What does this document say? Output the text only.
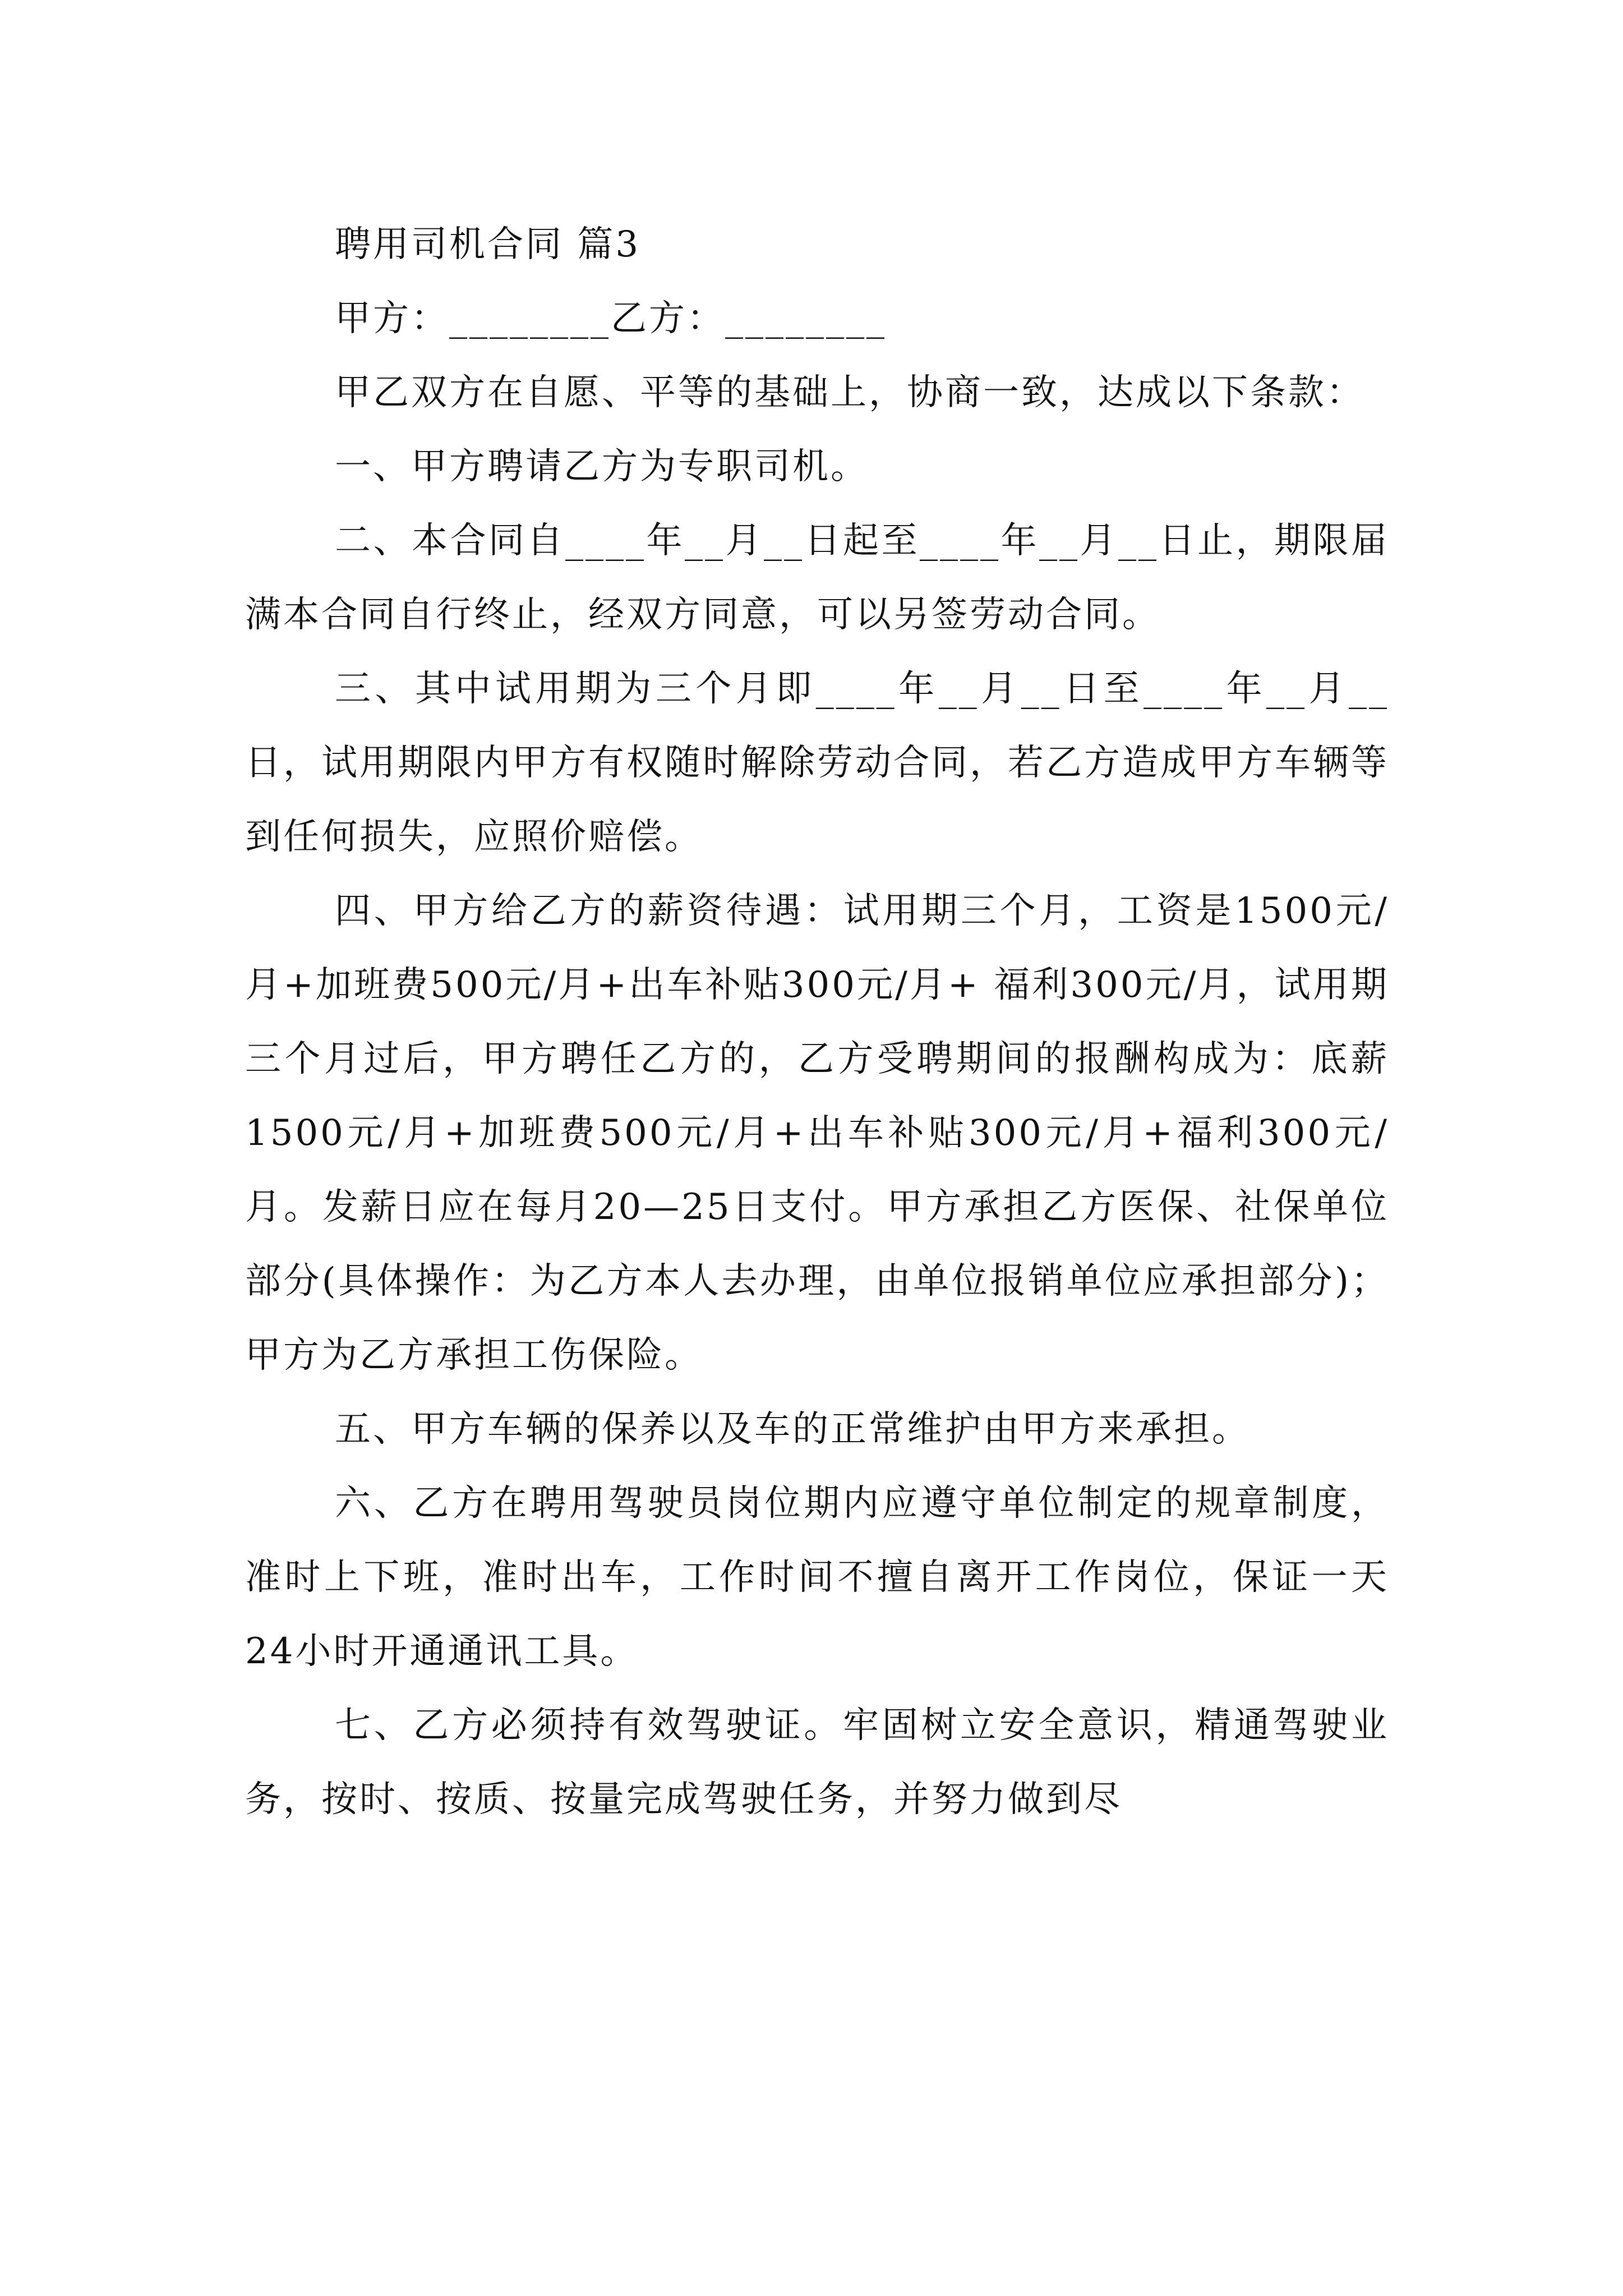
聘用司机合同 篇3

甲方：________乙方：________

甲乙双方在自愿、平等的基础上，协商一致，达成以下条款：

一、甲方聘请乙方为专职司机。

二、本合同自____年__月__日起至____年__月__日止，期限届满本合同自行终止，经双方同意，可以另签劳动合同。

三、其中试用期为三个月即____年__月__日至____年__月__日，试用期限内甲方有权随时解除劳动合同，若乙方造成甲方车辆等到任何损失，应照价赔偿。

四、甲方给乙方的薪资待遇：试用期三个月，工资是1500元/月+加班费500元/月+出车补贴300元/月+ 福利300元/月，试用期三个月过后，甲方聘任乙方的，乙方受聘期间的报酬构成为：底薪1500元/月+加班费500元/月+出车补贴300元/月+福利300元/月。发薪日应在每月20—25日支付。甲方承担乙方医保、社保单位部分(具体操作：为乙方本人去办理，由单位报销单位应承担部分)；甲方为乙方承担工伤保险。

五、甲方车辆的保养以及车的正常维护由甲方来承担。

六、乙方在聘用驾驶员岗位期内应遵守单位制定的规章制度，准时上下班，准时出车，工作时间不擅自离开工作岗位，保证一天24小时开通通讯工具。

七、乙方必须持有效驾驶证。牢固树立安全意识，精通驾驶业务，按时、按质、按量完成驾驶任务，并努力做到尽
